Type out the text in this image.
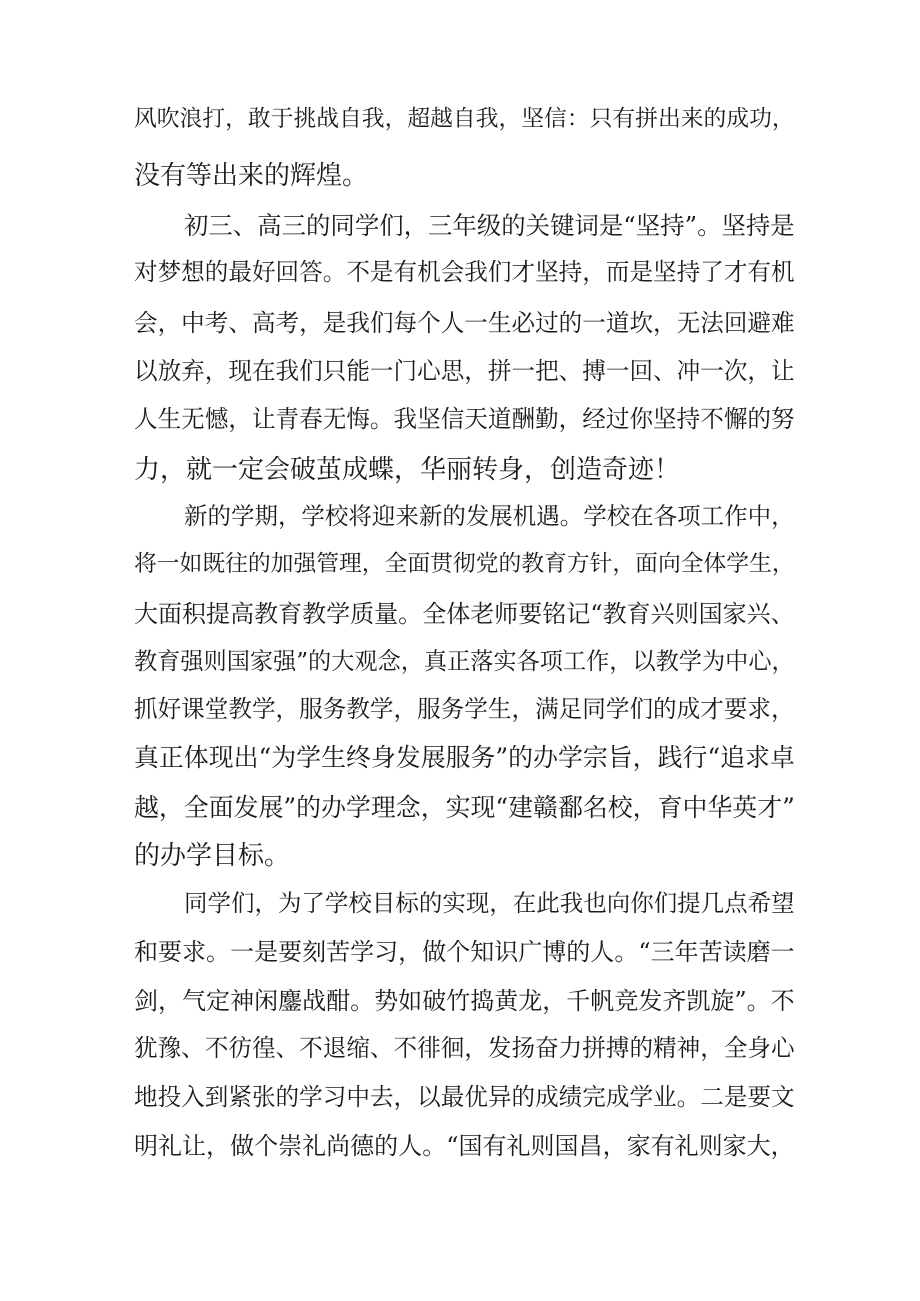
风吹浪打，敢于挑战自我，超越自我，坚信：只有拼出来的成功，
没有等出来的辉煌。
初三、高三的同学们，三年级的关键词是“坚持”。坚持是
对梦想的最好回答。不是有机会我们才坚持，而是坚持了才有机
会，中考、高考，是我们每个人一生必过的一道坎，无法回避难
以放弃，现在我们只能一门心思，拼一把、搏一回、冲一次，让
人生无憾，让青春无悔。我坚信天道酬勤，经过你坚持不懈的努
力，就一定会破茧成蝶，华丽转身，创造奇迹！
新的学期，学校将迎来新的发展机遇。学校在各项工作中，
将一如既往的加强管理，全面贯彻党的教育方针，面向全体学生，
大面积提高教育教学质量。全体老师要铭记“教育兴则国家兴、
教育强则国家强”的大观念，真正落实各项工作，以教学为中心，
抓好课堂教学，服务教学，服务学生，满足同学们的成才要求，
真正体现出“为学生终身发展服务”的办学宗旨，践行“追求卓
越，全面发展”的办学理念，实现“建赣鄱名校，育中华英才”
的办学目标。
同学们，为了学校目标的实现，在此我也向你们提几点希望
和要求。一是要刻苦学习，做个知识广博的人。“三年苦读磨一
剑，气定神闲鏖战酣。势如破竹捣黄龙，千帆竞发齐凯旋”。不
犹豫、不彷徨、不退缩、不徘徊，发扬奋力拼搏的精神，全身心
地投入到紧张的学习中去，以最优异的成绩完成学业。二是要文
明礼让，做个崇礼尚德的人。“国有礼则国昌，家有礼则家大，
